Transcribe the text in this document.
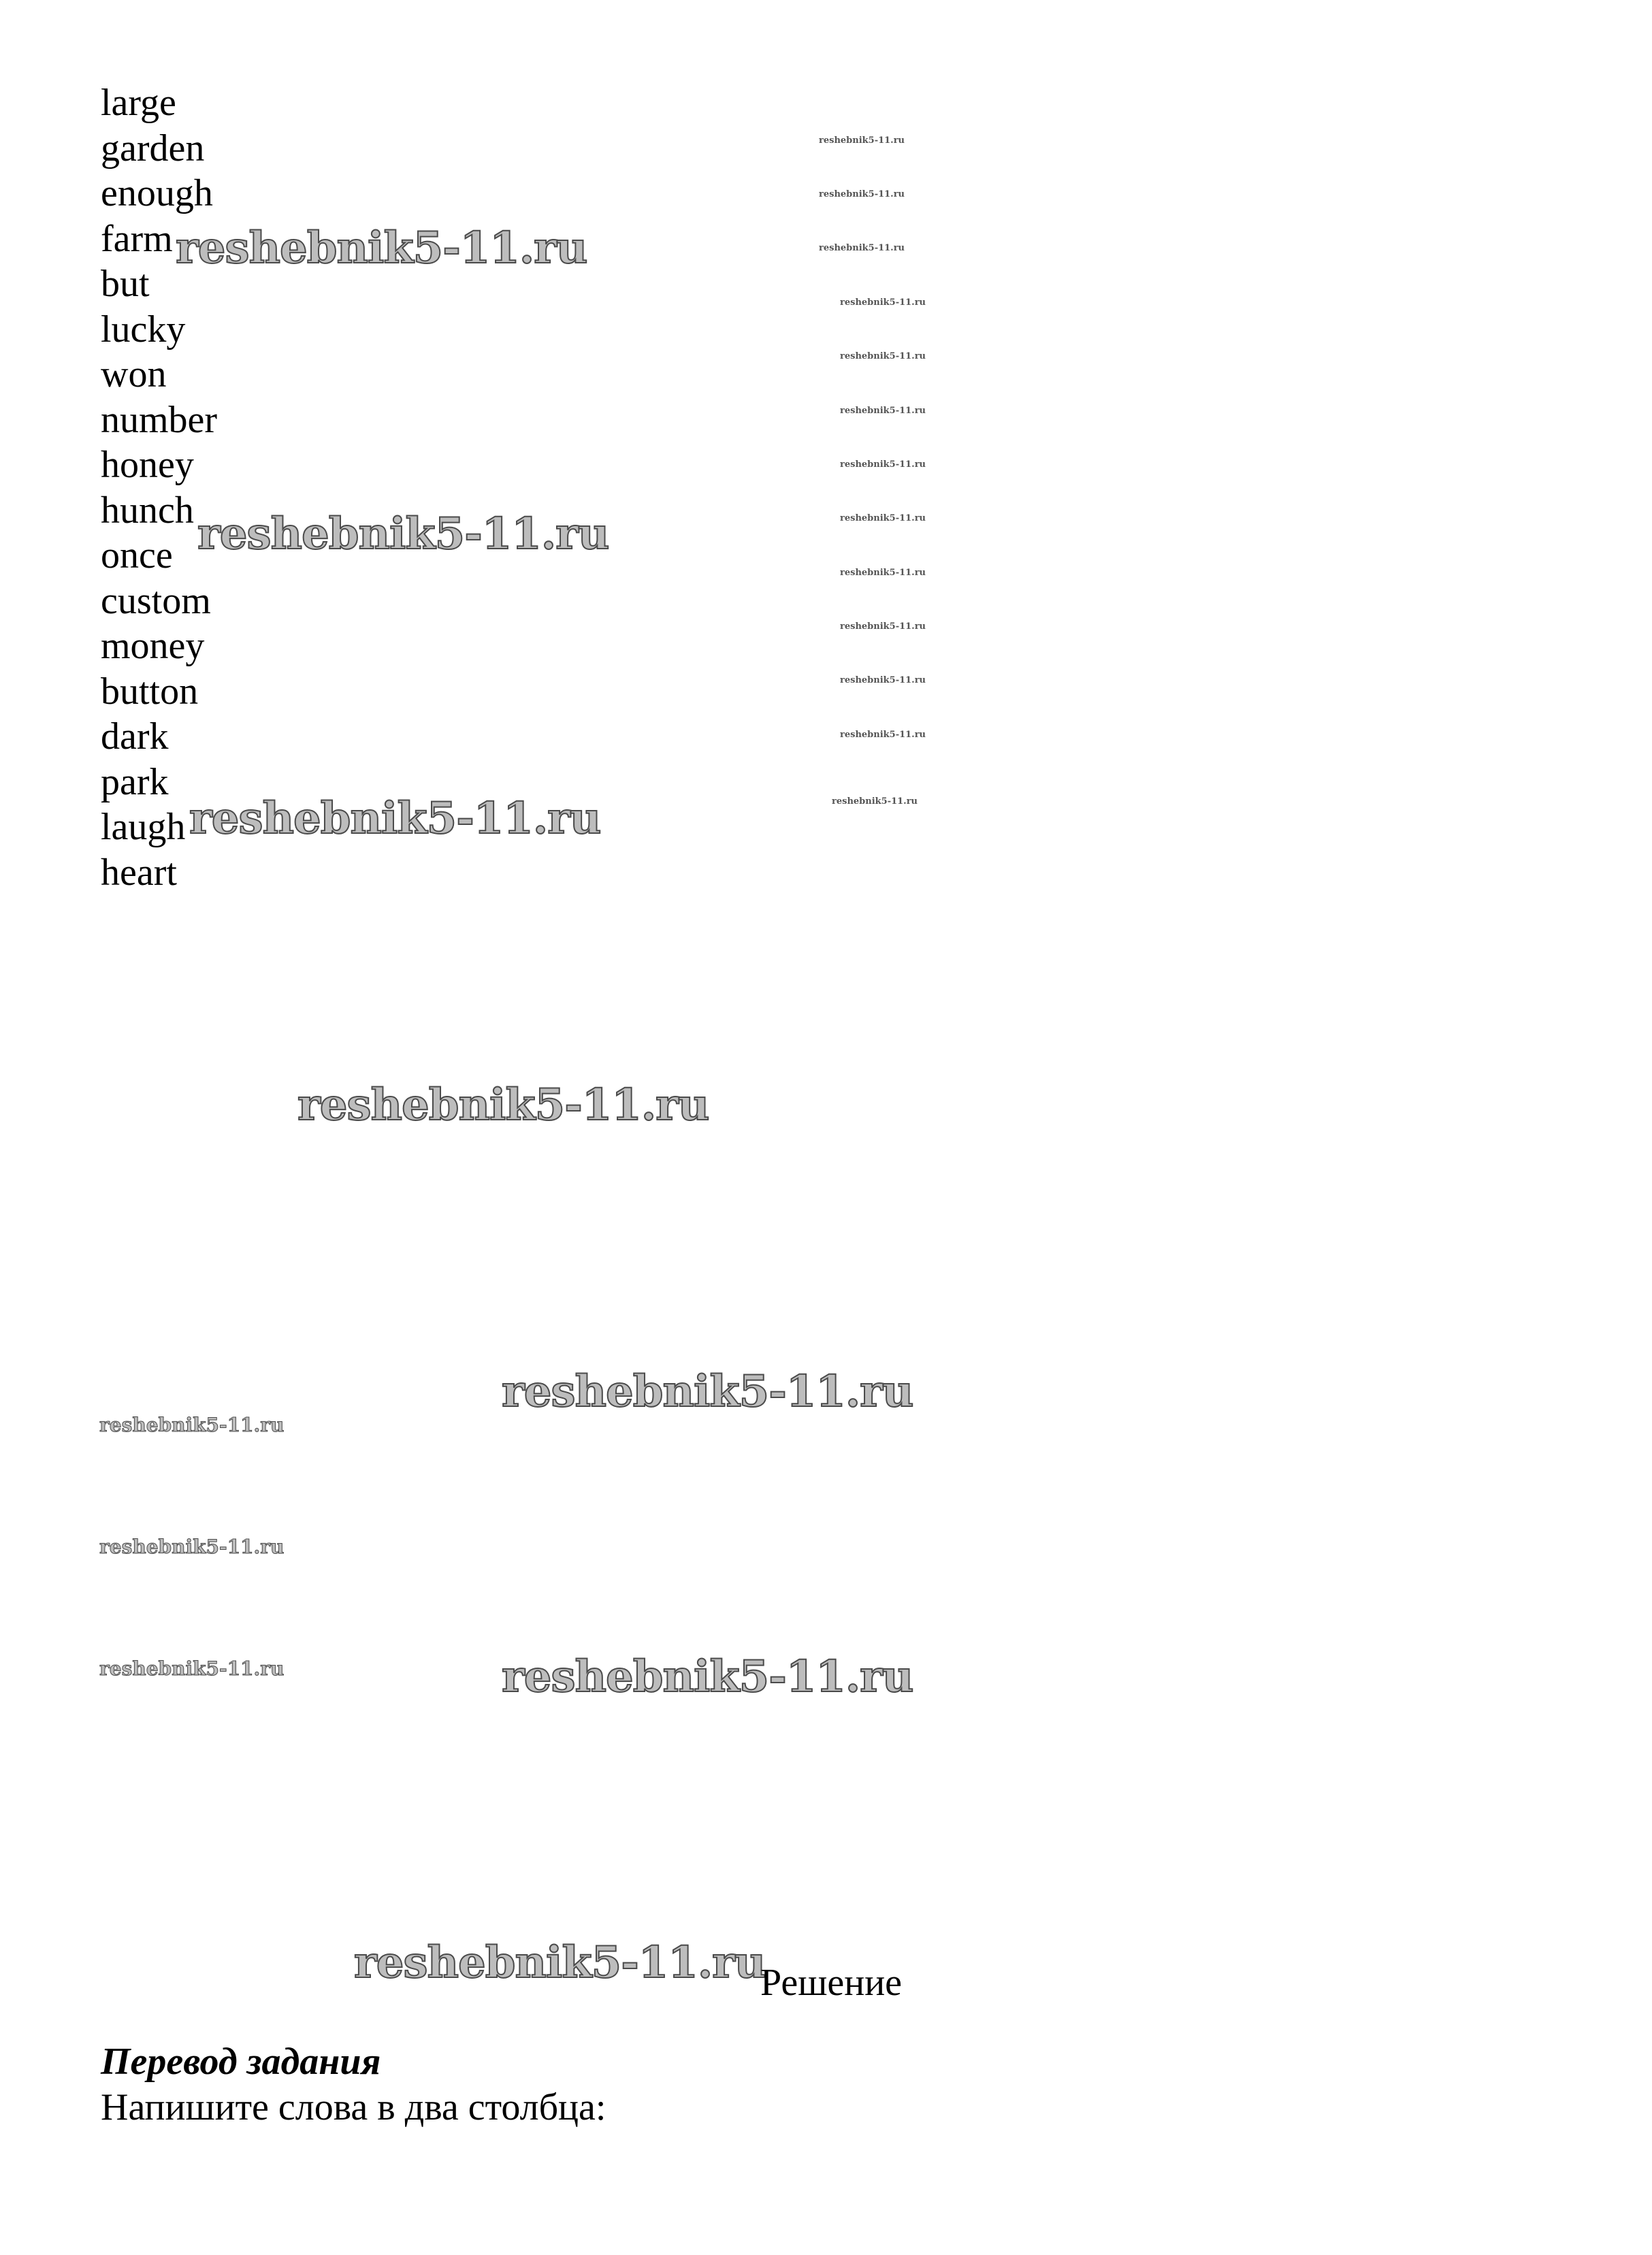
large
garden
enough
farm
but
lucky
won
number
honey
hunch
once
custom
money
button
dark
park
laugh
heart
reshebnik5-11.ru
reshebnik5-11.ru
reshebnik5-11.ru
reshebnik5-11.ru
reshebnik5-11.ru
reshebnik5-11.ru
reshebnik5-11.ru
reshebnik5-11.ru
reshebnik5-11.ru
reshebnik5-11.ru
reshebnik5-11.ru
reshebnik5-11.ru
reshebnik5-11.ru
reshebnik5-11.ru
reshebnik5-11.ru
reshebnik5-11.ru
reshebnik5-11.ru
reshebnik5-11.ru
reshebnik5-11.ru
reshebnik5-11.ru
reshebnik5-11.ru
reshebnik5-11.ru
reshebnik5-11.ru
Решение
Перевод задания
Напишите слова в два столбца:
